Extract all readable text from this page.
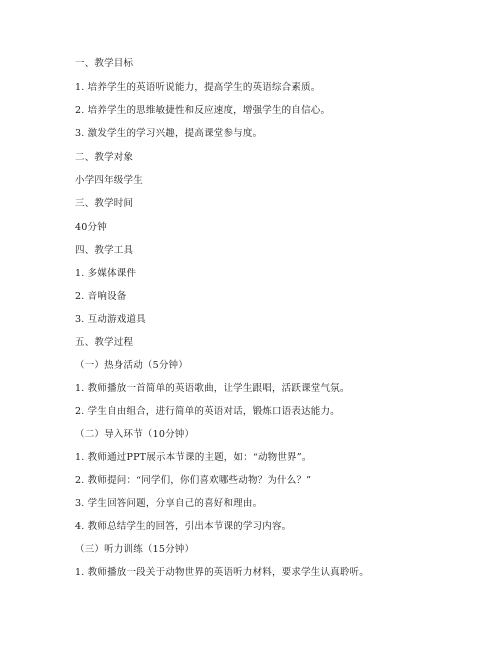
一、教学目标
1. 培养学生的英语听说能力，提高学生的英语综合素质。
2. 培养学生的思维敏捷性和反应速度，增强学生的自信心。
3. 激发学生的学习兴趣，提高课堂参与度。
二、教学对象
小学四年级学生
三、教学时间
40分钟
四、教学工具
1. 多媒体课件
2. 音响设备
3. 互动游戏道具
五、教学过程
（一）热身活动（5分钟）
1. 教师播放一首简单的英语歌曲，让学生跟唱，活跃课堂气氛。
2. 学生自由组合，进行简单的英语对话，锻炼口语表达能力。
（二）导入环节（10分钟）
1. 教师通过PPT展示本节课的主题，如：“动物世界”。
2. 教师提问：“同学们，你们喜欢哪些动物？为什么？”
3. 学生回答问题，分享自己的喜好和理由。
4. 教师总结学生的回答，引出本节课的学习内容。
（三）听力训练（15分钟）
1. 教师播放一段关于动物世界的英语听力材料，要求学生认真聆听。
